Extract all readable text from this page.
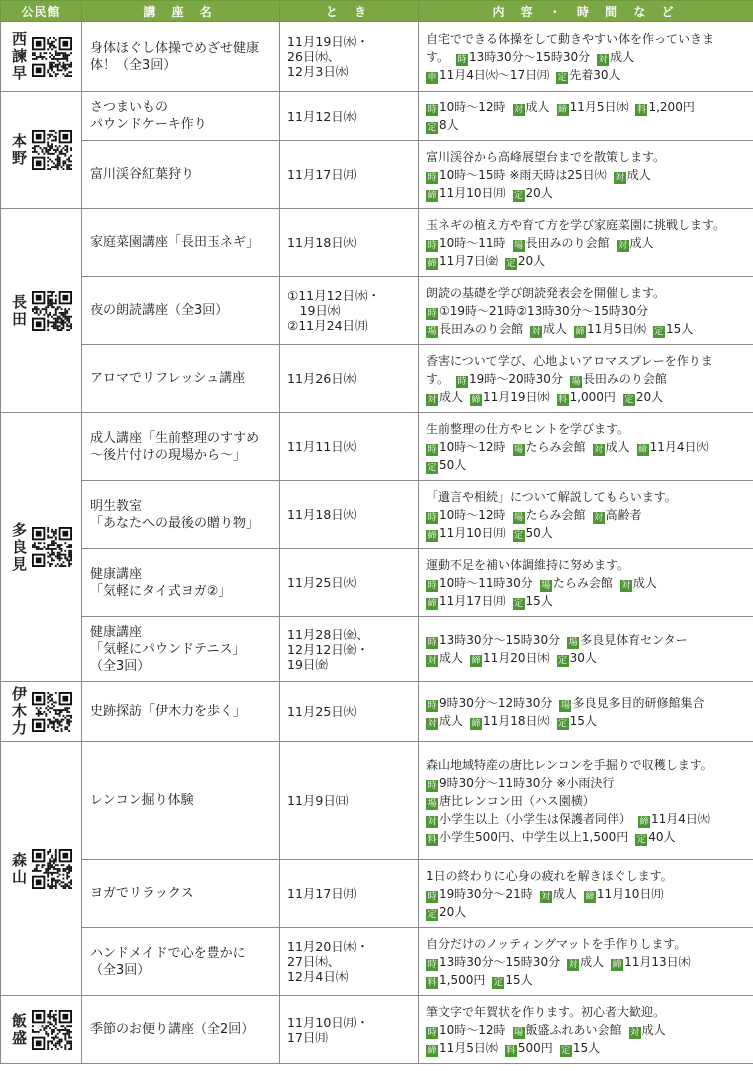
公民館	講 座 名	と き	内 容 ・ 時 間 な ど

西諫早	身体ほぐし体操でめざせ健康
体！（全3回）	11月19日㈬・
26日㈬、
12月3日㈬	自宅でできる体操をして動きやすい体を作っていきま
す。 時 13時30分～15時30分 対 成人
申 11月4日㈫～17日㈪ 定 先着30人

本野	さつまいもの
パウンドケーキ作り	11月12日㈬	時 10時～12時 対 成人 締 11月5日㈬ 料 1,200円
定 8人

	富川渓谷紅葉狩り	11月17日㈪	富川渓谷から高峰展望台までを散策します。
時 10時～15時 ※雨天時は25日㈫ 対 成人
締 11月10日㈪ 定 20人

長田	家庭菜園講座「長田玉ネギ」	11月18日㈫	玉ネギの植え方や育て方を学び家庭菜園に挑戦します。
時 10時～11時 場 長田みのり会館 対 成人
締 11月7日㈮ 定 20人

	夜の朗読講座（全3回）	①11月12日㈬・
　19日㈬
②11月24日㈪	朗読の基礎を学び朗読発表会を開催します。
時 ①19時～21時②13時30分～15時30分
場 長田みのり会館 対 成人 締 11月5日㈬ 定 15人

	アロマでリフレッシュ講座	11月26日㈬	香害について学び、心地よいアロマスプレーを作りま
す。 時 19時～20時30分 場 長田みのり会館
対 成人 締 11月19日㈬ 料 1,000円 定 20人

多良見	成人講座「生前整理のすすめ
～後片付けの現場から～」	11月11日㈫	生前整理の仕方やヒントを学びます。
時 10時～12時 場 たらみ会館 対 成人 締 11月4日㈫
定 50人

	明生教室
「あなたへの最後の贈り物」	11月18日㈫	「遺言や相続」について解説してもらいます。
時 10時～12時 場 たらみ会館 対 高齢者
締 11月10日㈪ 定 50人

	健康講座
「気軽にタイ式ヨガ②」	11月25日㈫	運動不足を補い体調維持に努めます。
時 10時～11時30分 場 たらみ会館 対 成人
締 11月17日㈪ 定 15人

	健康講座
「気軽にパウンドテニス」
（全3回）	11月28日㈮、
12月12日㈮・
19日㈮	時 13時30分～15時30分 場 多良見体育センター
対 成人 締 11月20日㈭ 定 30人

伊木力	史跡探訪「伊木力を歩く」	11月25日㈫	時 9時30分～12時30分 場 多良見多目的研修館集合
対 成人 締 11月18日㈫ 定 15人

森山	レンコン掘り体験	11月9日㈰	森山地域特産の唐比レンコンを手掘りで収穫します。
時 9時30分～11時30分 ※小雨決行
場 唐比レンコン田（ハス園横）
対 小学生以上（小学生は保護者同伴） 締 11月4日㈫
料 小学生500円、中学生以上1,500円 定 40人

	ヨガでリラックス	11月17日㈪	1日の終わりに心身の疲れを解きほぐします。
時 19時30分～21時 対 成人 締 11月10日㈪
定 20人

	ハンドメイドで心を豊かに
（全3回）	11月20日㈭・
27日㈭、
12月4日㈭	自分だけのノッティングマットを手作りします。
時 13時30分～15時30分 対 成人 締 11月13日㈭
料 1,500円 定 15人

飯盛	季節のお便り講座（全2回）	11月10日㈪・
17日㈪	筆文字で年賀状を作ります。初心者大歓迎。
時 10時～12時 場 飯盛ふれあい会館 対 成人
締 11月5日㈬ 料 500円 定 15人
